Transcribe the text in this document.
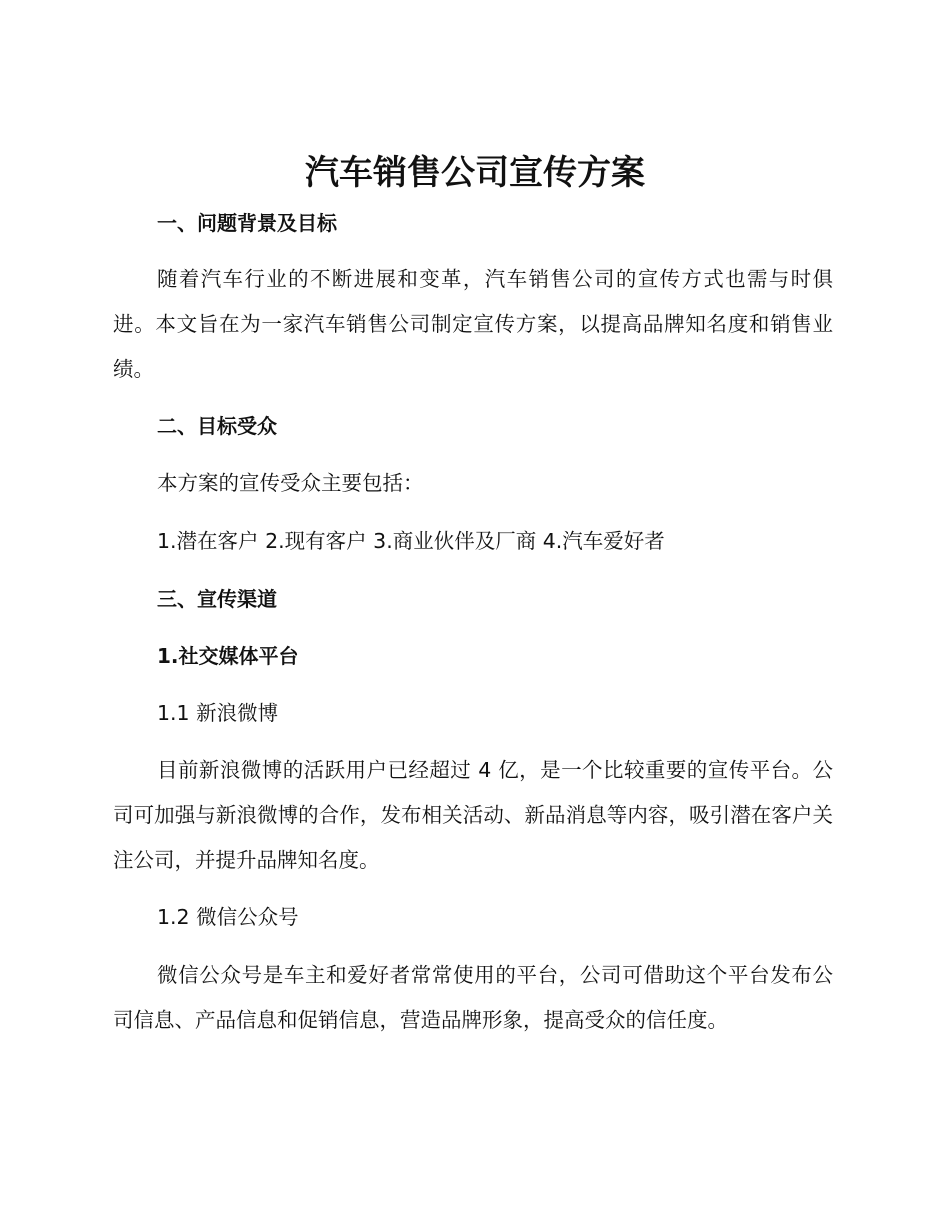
汽车销售公司宣传方案
一、问题背景及目标
随着汽车行业的不断进展和变革，汽车销售公司的宣传方式也需与时俱进。本文旨在为一家汽车销售公司制定宣传方案，以提高品牌知名度和销售业绩。
二、目标受众
本方案的宣传受众主要包括：
1.潜在客户 2.现有客户 3.商业伙伴及厂商 4.汽车爱好者
三、宣传渠道
1.社交媒体平台
1.1 新浪微博
目前新浪微博的活跃用户已经超过 4 亿，是一个比较重要的宣传平台。公司可加强与新浪微博的合作，发布相关活动、新品消息等内容，吸引潜在客户关注公司，并提升品牌知名度。
1.2 微信公众号
微信公众号是车主和爱好者常常使用的平台，公司可借助这个平台发布公司信息、产品信息和促销信息，营造品牌形象，提高受众的信任度。
